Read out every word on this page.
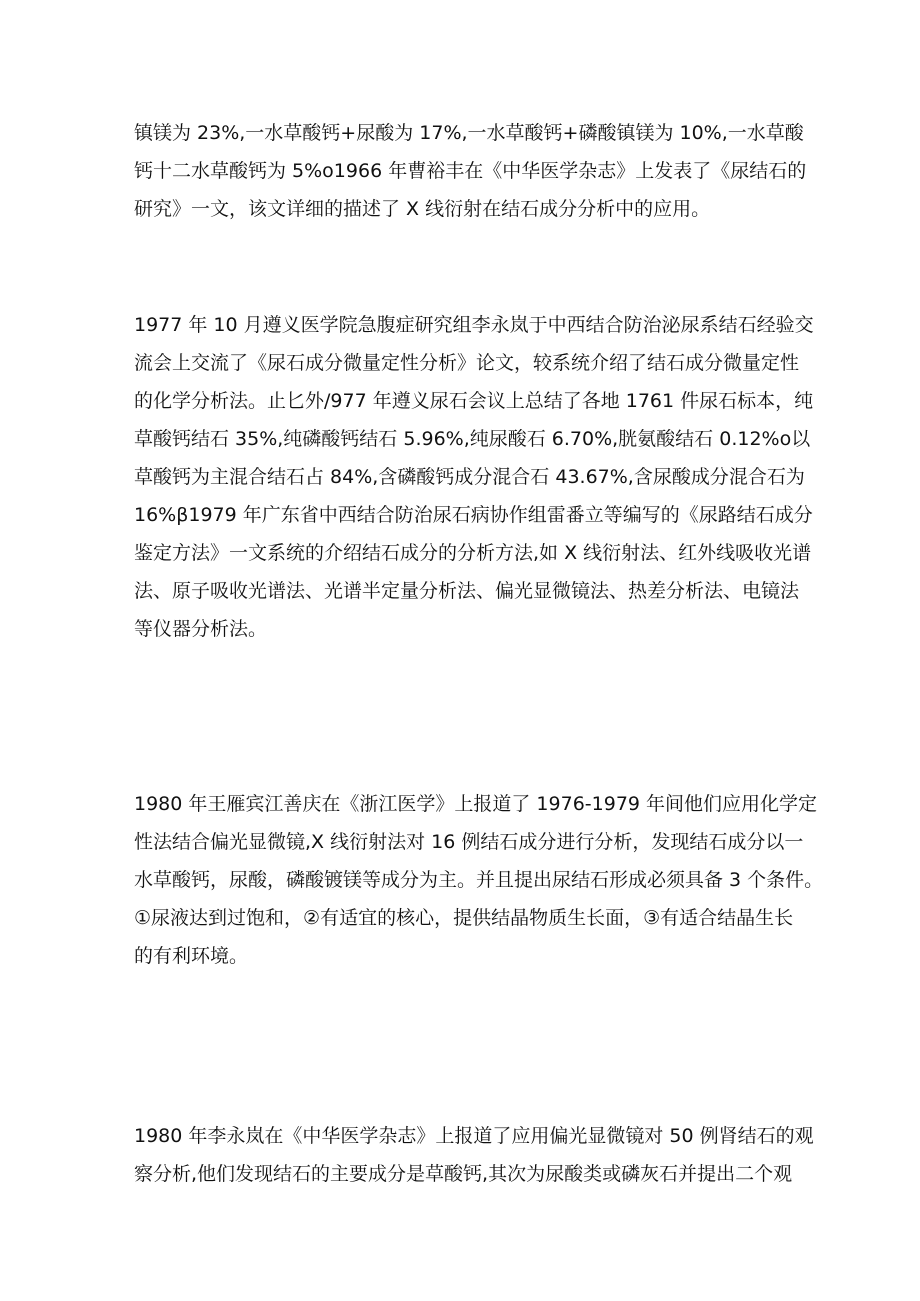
镇镁为 23%,一水草酸钙+尿酸为 17%,一水草酸钙+磷酸镇镁为 10%,一水草酸
钙十二水草酸钙为 5%o1966 年曹裕丰在《中华医学杂志》上发表了《尿结石的
研究》一文，该文详细的描述了 X 线衍射在结石成分分析中的应用。
1977 年 10 月遵义医学院急腹症研究组李永岚于中西结合防治泌尿系结石经验交
流会上交流了《尿石成分微量定性分析》论文，较系统介绍了结石成分微量定性
的化学分析法。止匕外/977 年遵义尿石会议上总结了各地 1761 件尿石标本，纯
草酸钙结石 35%,纯磷酸钙结石 5.96%,纯尿酸石 6.70%,胱氨酸结石 0.12%o以
草酸钙为主混合结石占 84%,含磷酸钙成分混合石 43.67%,含尿酸成分混合石为
16%β1979 年广东省中西结合防治尿石病协作组雷番立等编写的《尿路结石成分
鉴定方法》一文系统的介绍结石成分的分析方法,如 X 线衍射法、红外线吸收光谱
法、原子吸收光谱法、光谱半定量分析法、偏光显微镜法、热差分析法、电镜法
等仪器分析法。
1980 年王雁宾江善庆在《浙江医学》上报道了 1976-1979 年间他们应用化学定
性法结合偏光显微镜,X 线衍射法对 16 例结石成分进行分析，发现结石成分以一
水草酸钙，尿酸，磷酸镀镁等成分为主。并且提出尿结石形成必须具备 3 个条件。
①尿液达到过饱和，②有适宜的核心，提供结晶物质生长面，③有适合结晶生长
的有利环境。
1980 年李永岚在《中华医学杂志》上报道了应用偏光显微镜对 50 例肾结石的观
察分析,他们发现结石的主要成分是草酸钙,其次为尿酸类或磷灰石并提出二个观
